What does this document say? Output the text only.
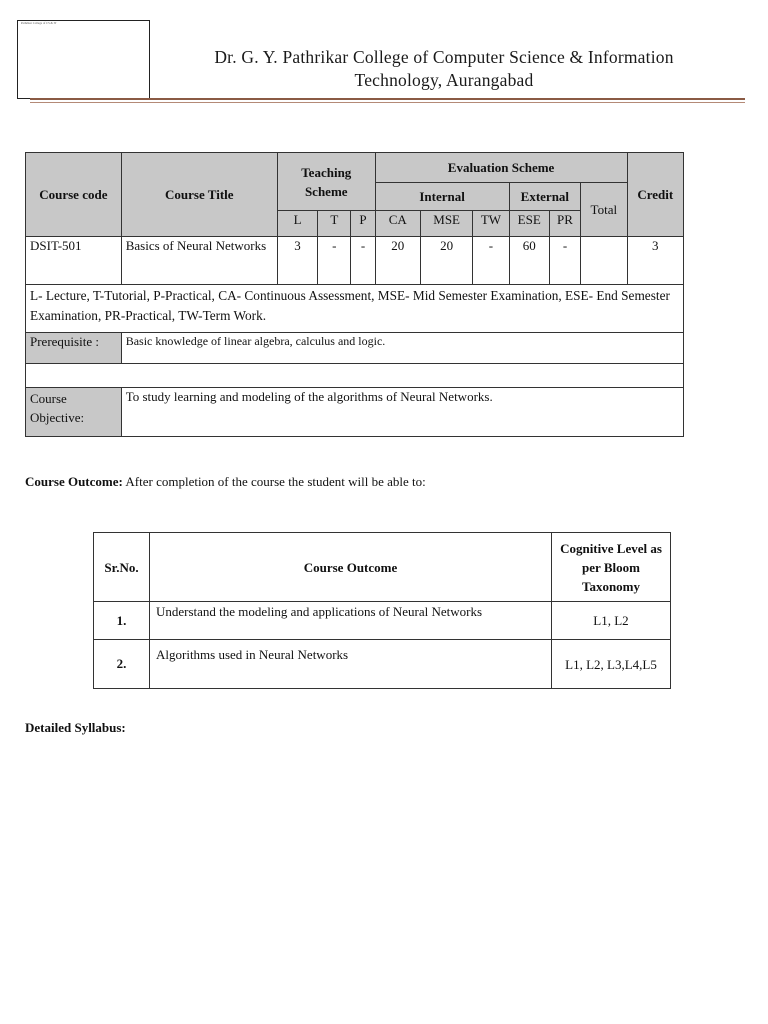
Pathrikar College of CS & IT
Dr. G. Y. Pathrikar College of Computer Science & Information
Technology, Aurangabad
Course code	Course Title	Teaching Scheme			Evaluation Scheme						Credit
					Internal			External		Total	
		L	T	P	CA	MSE	TW	ESE	PR		
DSIT-501	Basics of Neural Networks	3	-	-	20	20	-	60	-		3
L- Lecture, T-Tutorial, P-Practical, CA- Continuous Assessment, MSE- Mid Semester Examination, ESE- End Semester Examination, PR-Practical, TW-Term Work.											
Prerequisite :	Basic knowledge of linear algebra, calculus and logic.										

Course Objective:	To study learning and modeling of the algorithms of Neural Networks.										
Course Outcome: After completion of the course the student will be able to:
Sr.No.	Course Outcome	Cognitive Level as per Bloom Taxonomy
1.	Understand the modeling and applications of Neural Networks	L1, L2
2.	Algorithms used in Neural Networks	L1, L2, L3,L4,L5
Detailed Syllabus:
